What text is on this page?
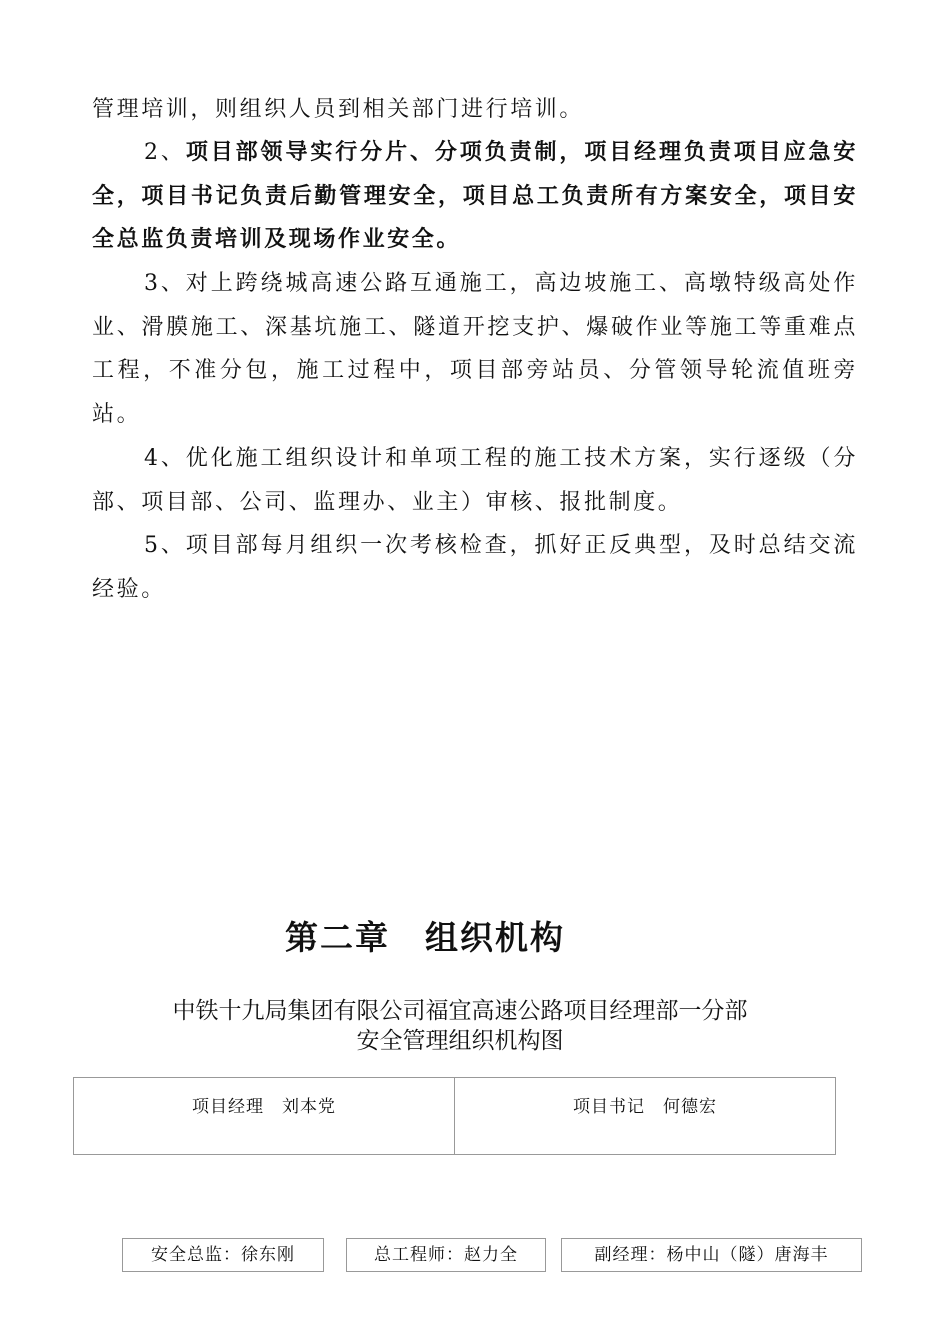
管理培训，则组织人员到相关部门进行培训。
2、项目部领导实行分片、分项负责制，项目经理负责项目应急安全，项目书记负责后勤管理安全，项目总工负责所有方案安全，项目安全总监负责培训及现场作业安全。
3、对上跨绕城高速公路互通施工，高边坡施工、高墩特级高处作业、滑膜施工、深基坑施工、隧道开挖支护、爆破作业等施工等重难点工程，不准分包，施工过程中，项目部旁站员、分管领导轮流值班旁站。
4、优化施工组织设计和单项工程的施工技术方案，实行逐级（分部、项目部、公司、监理办、业主）审核、报批制度。
5、项目部每月组织一次考核检查，抓好正反典型，及时总结交流经验。
第二章　组织机构
中铁十九局集团有限公司福宜高速公路项目经理部一分部
安全管理组织机构图
项目经理　刘本党	项目书记　何德宏
安全总监：徐东刚	总工程师：赵力全	副经理：杨中山（隧）唐海丰
